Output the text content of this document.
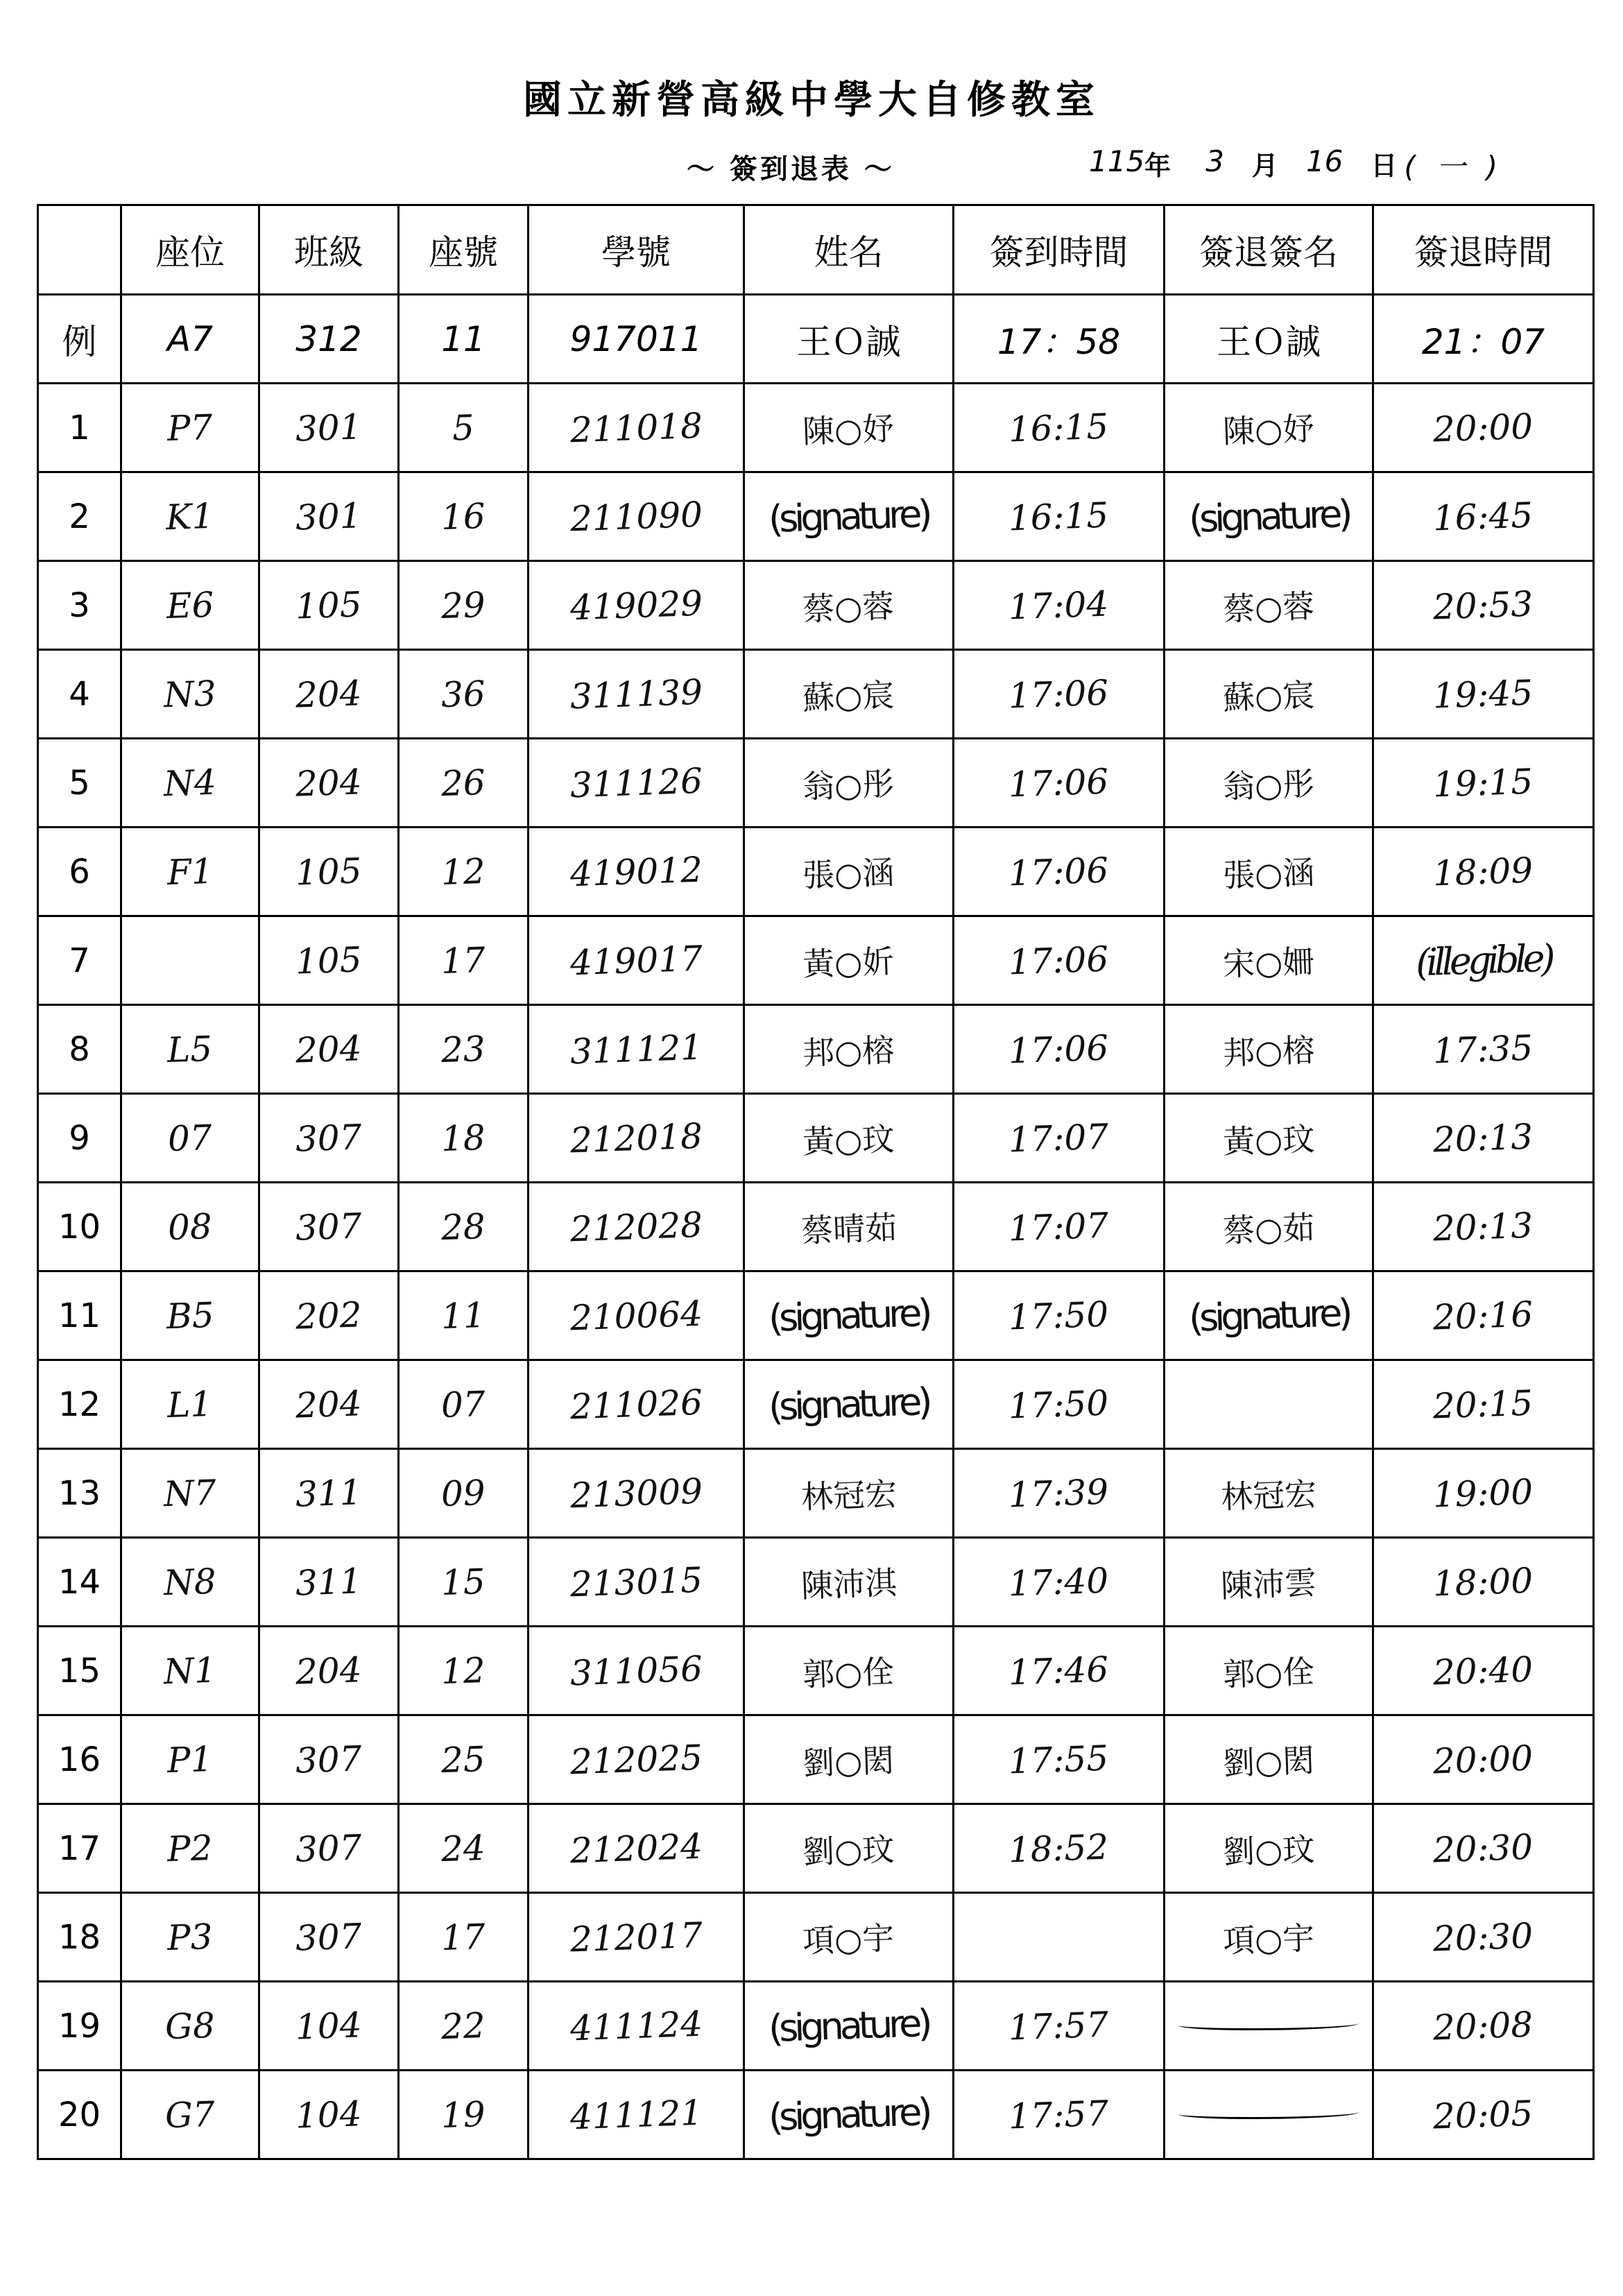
國立新營高級中學大自修教室
～ 簽到退表 ～	115 年 3 月 16 日 (一)
	座位	班級	座號	學號	姓名	簽到時間	簽退簽名	簽退時間
例	A7	312	11	917011	王Ｏ誠	17：58	王Ｏ誠	21：07
1	P7	301	5	211018	陳○妤	16:15	陳○妤	20:00
2	K1	301	16	211090	(signature)	16:15	(signature)	16:45
3	E6	105	29	419029	蔡○蓉	17:04	蔡○蓉	20:53
4	N3	204	36	311139	蘇○宸	17:06	蘇○宸	19:45
5	N4	204	26	311126	翁○彤	17:06	翁○彤	19:15
6	F1	105	12	419012	張○涵	17:06	張○涵	18:09
7		105	17	419017	黃○妡	17:06	宋○姍	(illegible)
8	L5	204	23	311121	邦○榕	17:06	邦○榕	17:35
9	07	307	18	212018	黃○玟	17:07	黃○玟	20:13
10	08	307	28	212028	蔡晴茹	17:07	蔡○茹	20:13
11	B5	202	11	210064	(signature)	17:50	(signature)	20:16
12	L1	204	07	211026	(signature)	17:50		20:15
13	N7	311	09	213009	林冠宏	17:39	林冠宏	19:00
14	N8	311	15	213015	陳沛淇	17:40	陳沛雲	18:00
15	N1	204	12	311056	郭○佺	17:46	郭○佺	20:40
16	P1	307	25	212025	劉○閎	17:55	劉○閎	20:00
17	P2	307	24	212024	劉○玟	18:52	劉○玟	20:30
18	P3	307	17	212017	項○宇		項○宇	20:30
19	G8	104	22	411124	(signature)	17:57		20:08
20	G7	104	19	411121	(signature)	17:57		20:05
